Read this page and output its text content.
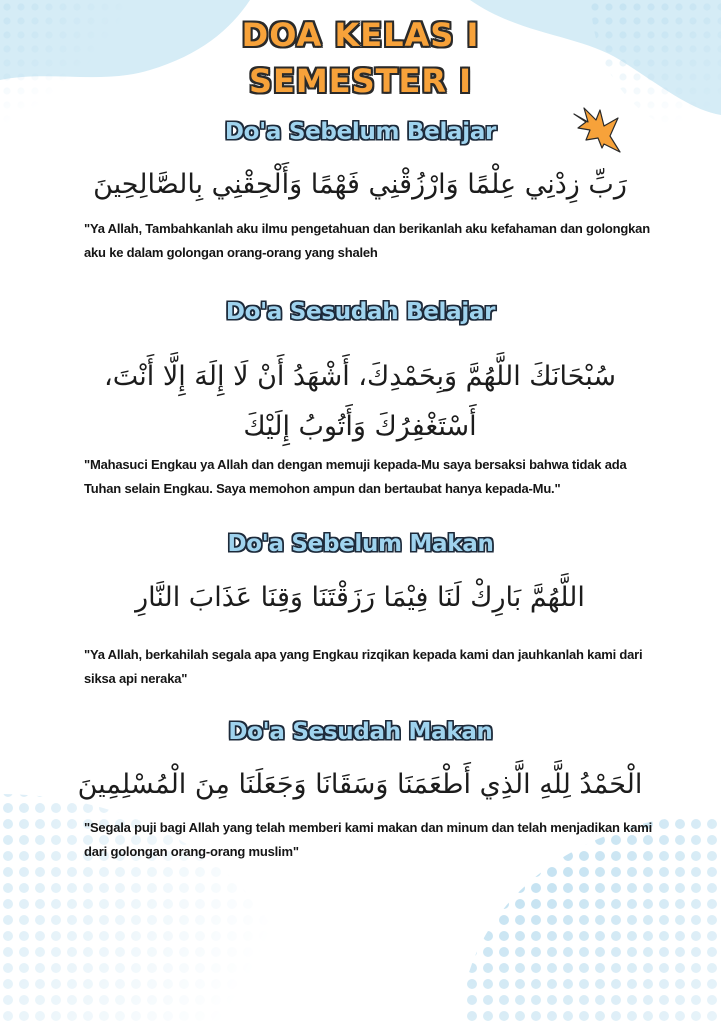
DOA KELAS I
SEMESTER I
Do'a Sebelum Belajar
رَبِّ زِدْنِي عِلْمًا وَارْزُقْنِي فَهْمًا وَأَلْحِقْنِي بِالصَّالِحِينَ
"Ya Allah, Tambahkanlah aku ilmu pengetahuan dan berikanlah aku kefahaman dan golongkan aku ke dalam golongan orang-orang yang shaleh
Do'a Sesudah Belajar
سُبْحَانَكَ اللَّهُمَّ وَبِحَمْدِكَ، أَشْهَدُ أَنْ لَا إِلَهَ إِلَّا أَنْتَ، أَسْتَغْفِرُكَ وَأَتُوبُ إِلَيْكَ
"Mahasuci Engkau ya Allah dan dengan memuji kepada-Mu saya bersaksi bahwa tidak ada Tuhan selain Engkau. Saya memohon ampun dan bertaubat hanya kepada-Mu."
Do'a Sebelum Makan
اللَّهُمَّ بَارِكْ لَنَا فِيْمَا رَزَقْتَنَا وَقِنَا عَذَابَ النَّارِ
"Ya Allah, berkahilah segala apa yang Engkau rizqikan kepada kami dan jauhkanlah kami dari siksa api neraka"
Do'a Sesudah Makan
الْحَمْدُ لِلَّهِ الَّذِي أَطْعَمَنَا وَسَقَانَا وَجَعَلَنَا مِنَ الْمُسْلِمِينَ
"Segala puji bagi Allah yang telah memberi kami makan dan minum dan telah menjadikan kami dari golongan orang-orang muslim"
